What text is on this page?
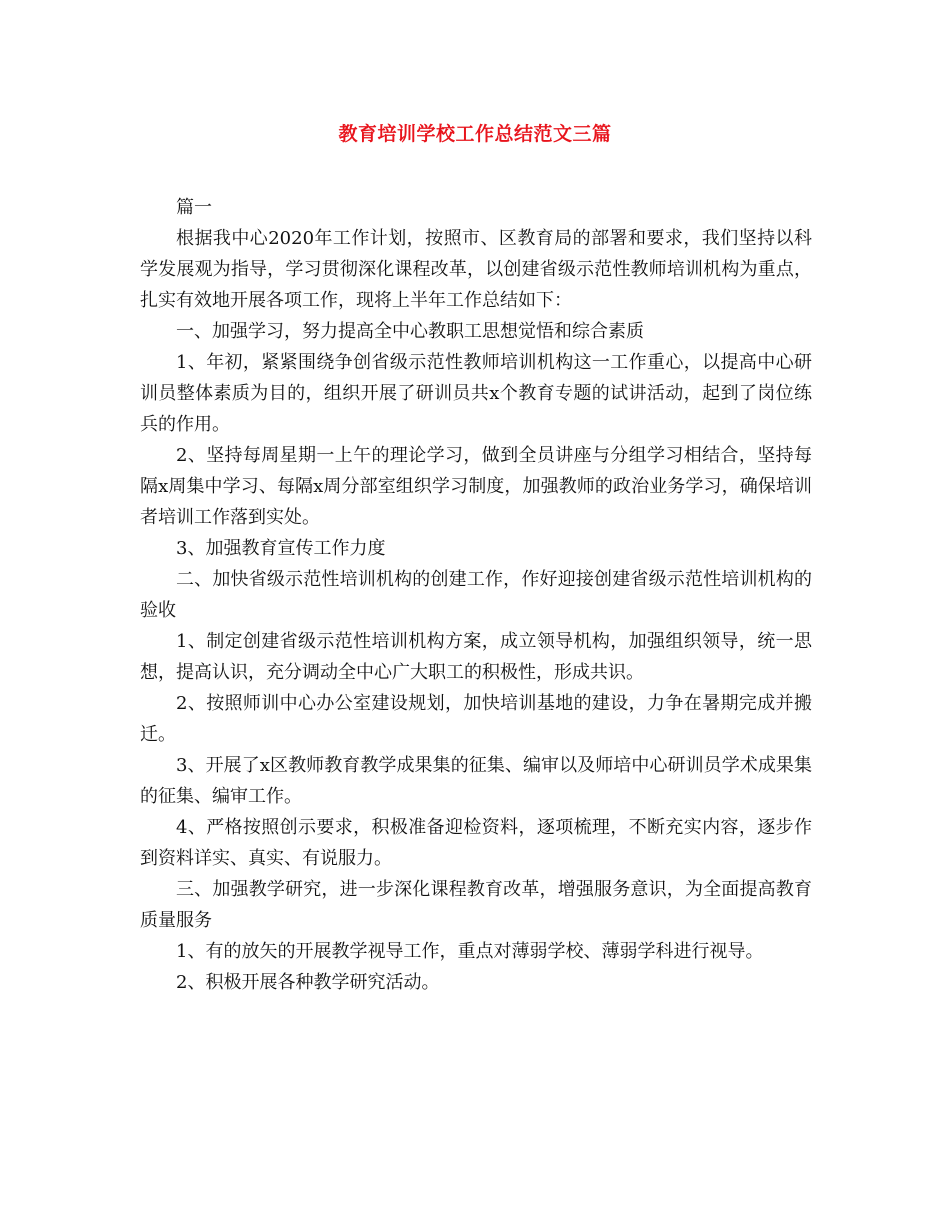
教育培训学校工作总结范文三篇

篇一

根据我中心2020年工作计划，按照市、区教育局的部署和要求，我们坚持以科学发展观为指导，学习贯彻深化课程改革，以创建省级示范性教师培训机构为重点，扎实有效地开展各项工作，现将上半年工作总结如下：

一、加强学习，努力提高全中心教职工思想觉悟和综合素质

1、年初，紧紧围绕争创省级示范性教师培训机构这一工作重心，以提高中心研训员整体素质为目的，组织开展了研训员共x个教育专题的试讲活动，起到了岗位练兵的作用。

2、坚持每周星期一上午的理论学习，做到全员讲座与分组学习相结合，坚持每隔x周集中学习、每隔x周分部室组织学习制度，加强教师的政治业务学习，确保培训者培训工作落到实处。

3、加强教育宣传工作力度

二、加快省级示范性培训机构的创建工作，作好迎接创建省级示范性培训机构的验收

1、制定创建省级示范性培训机构方案，成立领导机构，加强组织领导，统一思想，提高认识，充分调动全中心广大职工的积极性，形成共识。

2、按照师训中心办公室建设规划，加快培训基地的建设，力争在暑期完成并搬迁。

3、开展了x区教师教育教学成果集的征集、编审以及师培中心研训员学术成果集的征集、编审工作。

4、严格按照创示要求，积极准备迎检资料，逐项梳理，不断充实内容，逐步作到资料详实、真实、有说服力。

三、加强教学研究，进一步深化课程教育改革，增强服务意识，为全面提高教育质量服务

1、有的放矢的开展教学视导工作，重点对薄弱学校、薄弱学科进行视导。

2、积极开展各种教学研究活动。
